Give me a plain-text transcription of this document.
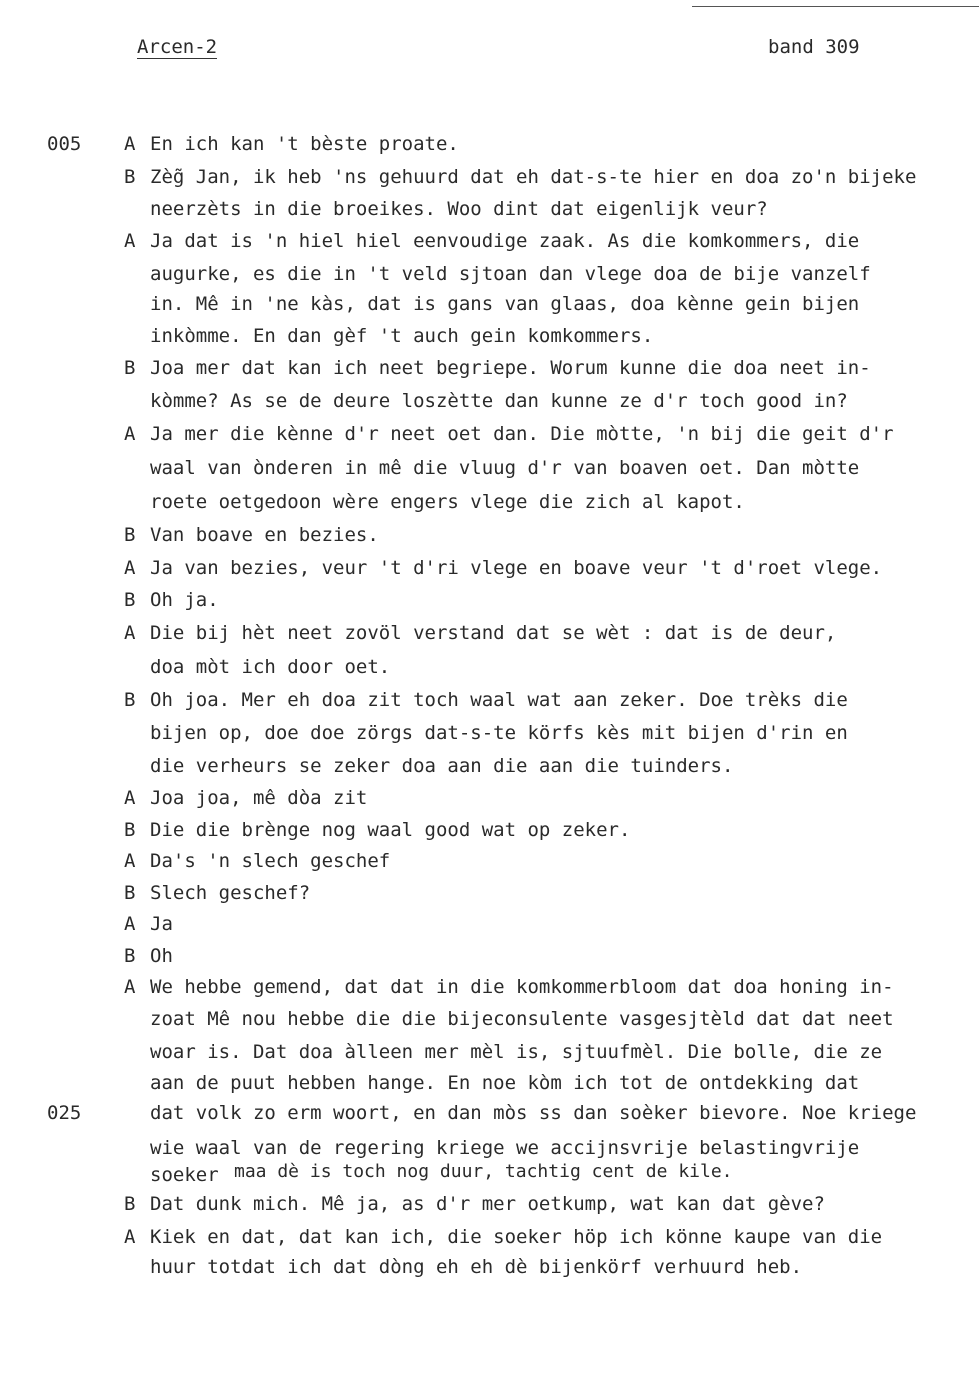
Arcen-2	band 309
A En ich kan 't bèste proate.
B Zèg̃ Jan, ik heb 'ns gehuurd dat eh dat-s-te hier en doa zo'n bijeke
neerzèts in die broeikes. Woo dint dat eigenlijk veur?
A Ja dat is 'n hiel hiel eenvoudige zaak. As die komkommers, die
augurke, es die in 't veld sjtoan dan vlege doa de bije vanzelf
in. Mê in 'ne kàs, dat is gans van glaas, doa kènne gein bijen
inkòmme. En dan gèf 't auch gein komkommers.
B Joa mer dat kan ich neet begriepe. Worum kunne die doa neet in-
kòmme? As se de deure loszètte dan kunne ze d'r toch good in?
A Ja mer die kènne d'r neet oet dan. Die mòtte, 'n bij die geit d'r
waal van ònderen in mê die vluug d'r van boaven oet. Dan mòtte
roete oetgedoon wère engers vlege die zich al kapot.
B Van boave en bezies.
A Ja van bezies, veur 't d'ri vlege en boave veur 't d'roet vlege.
B Oh ja.
A Die bij hèt neet zovöl verstand dat se wèt : dat is de deur,
doa mòt ich door oet.
B Oh joa. Mer eh doa zit toch waal wat aan zeker. Doe trèks die
bijen op, doe doe zörgs dat-s-te körfs kès mit bijen d'rin en
die verheurs se zeker doa aan die aan die tuinders.
A Joa joa, mê dòa zit
B Die die brènge nog waal good wat op zeker.
A Da's 'n slech geschef
B Slech geschef?
A Ja
B Oh
A We hebbe gemend, dat dat in die komkommerbloom dat doa honing in-
zoat Mê nou hebbe die die bijeconsulente vasgesjtèld dat dat neet
woar is. Dat doa àlleen mer mèl is, sjtuufmèl. Die bolle, die ze
aan de puut hebben hange. En noe kòm ich tot de ontdekking dat
dat volk zo erm woort, en dan mòs ss dan soèker bievore. Noe kriege
wie waal van de regering kriege we accijnsvrije belastingvrije
soeker maa dè is toch nog duur, tachtig cent de kile.
B Dat dunk mich. Mê ja, as d'r mer oetkump, wat kan dat gève?
A Kiek en dat, dat kan ich, die soeker höp ich könne kaupe van die
huur totdat ich dat dòng eh eh dè bijenkörf verhuurd heb.
005
025
